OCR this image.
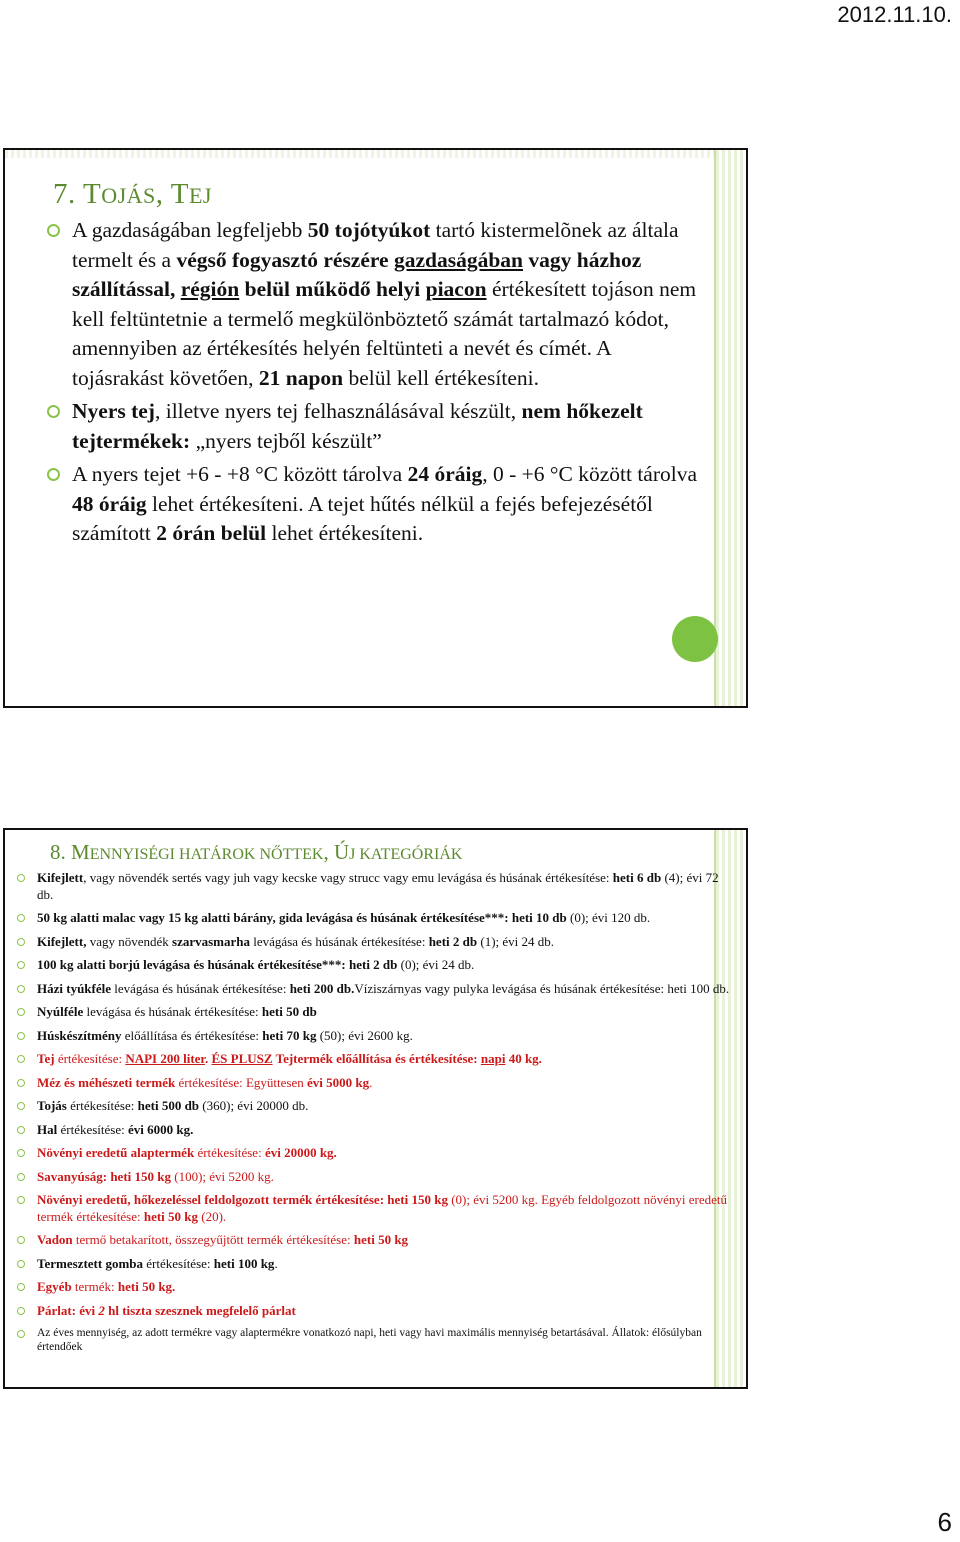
2012.11.10.
7. TOJÁS, TEJ
A gazdaságában legfeljebb 50 tojótyúkot tartó kistermelõnek az általa termelt és a végső fogyasztó részére gazdaságában vagy házhoz szállítással, régión belül működő helyi piacon értékesített tojáson nem kell feltüntetnie a termelő megkülönböztető számát tartalmazó kódot, amennyiben az értékesítés helyén feltünteti a nevét és címét. A tojásrakást követően, 21 napon belül kell értékesíteni.
Nyers tej, illetve nyers tej felhasználásával készült, nem hőkezelt tejtermékek: „nyers tejből készült”
A nyers tejet +6 - +8 °C között tárolva 24 óráig, 0 - +6 °C között tárolva 48 óráig lehet értékesíteni. A tejet hűtés nélkül a fejés befejezésétől számított 2 órán belül lehet értékesíteni.
8. MENNYISÉGI HATÁROK NŐTTEK, ÚJ KATEGÓRIÁK
Kifejlett, vagy növendék sertés vagy juh vagy kecske vagy strucc vagy emu levágása és húsának értékesítése: heti 6 db (4); évi 72 db.
50 kg alatti malac vagy 15 kg alatti bárány, gida levágása és húsának értékesítése***: heti 10 db (0); évi 120 db.
Kifejlett, vagy növendék szarvasmarha levágása és húsának értékesítése: heti 2 db (1); évi 24 db.
100 kg alatti borjú levágása és húsának értékesítése***: heti 2 db (0); évi 24 db.
Házi tyúkféle levágása és húsának értékesítése: heti 200 db.Víziszárnyas vagy pulyka levágása és húsának értékesítése: heti 100 db.
Nyúlféle levágása és húsának értékesítése: heti 50 db
Húskészítmény előállítása és értékesítése: heti 70 kg (50); évi 2600 kg.
Tej értékesítése: NAPI 200 liter. ÉS PLUSZ Tejtermék előállítása és értékesítése: napi 40 kg.
Méz és méhészeti termék értékesítése: Együttesen évi 5000 kg.
Tojás értékesítése: heti 500 db (360); évi 20000 db.
Hal értékesítése: évi 6000 kg.
Növényi eredetű alaptermék értékesítése: évi 20000 kg.
Savanyúság: heti 150 kg (100); évi 5200 kg.
Növényi eredetű, hőkezeléssel feldolgozott termék értékesítése: heti 150 kg (0); évi 5200 kg. Egyéb feldolgozott növényi eredetű termék értékesítése: heti 50 kg (20).
Vadon termő betakarított, összegyűjtött termék értékesítése: heti 50 kg
Termesztett gomba értékesítése: heti 100 kg.
Egyéb termék: heti 50 kg.
Párlat: évi 2 hl tiszta szesznek megfelelő párlat
Az éves mennyiség, az adott termékre vagy alaptermékre vonatkozó napi, heti vagy havi maximális mennyiség betartásával. Állatok: élősúlyban értendőek
6
